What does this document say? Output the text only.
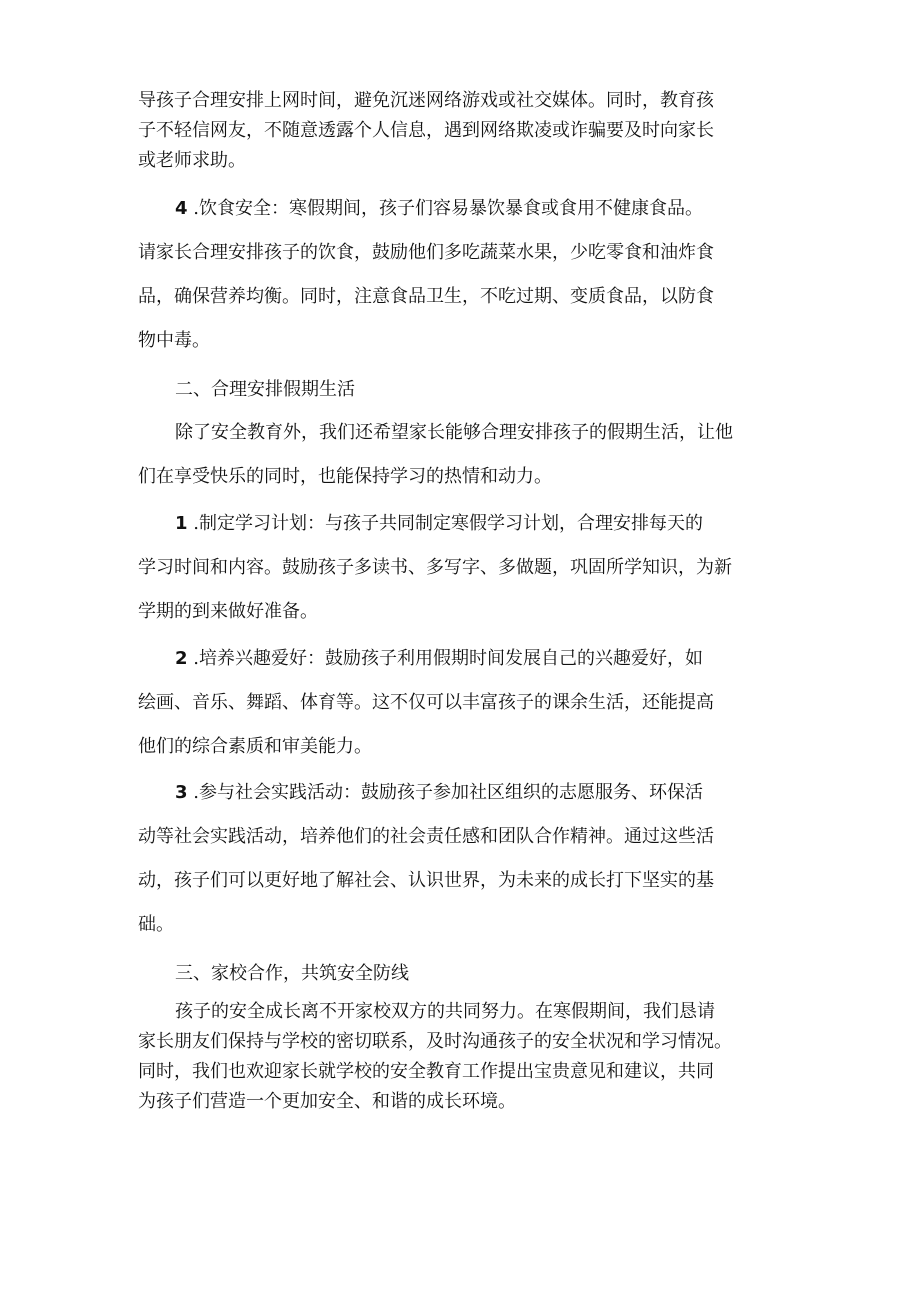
导孩子合理安排上网时间，避免沉迷网络游戏或社交媒体。同时，教育孩
子不轻信网友，不随意透露个人信息，遇到网络欺凌或诈骗要及时向家长
或老师求助。
4 .饮食安全：寒假期间，孩子们容易暴饮暴食或食用不健康食品。
请家长合理安排孩子的饮食，鼓励他们多吃蔬菜水果，少吃零食和油炸食
品，确保营养均衡。同时，注意食品卫生，不吃过期、变质食品，以防食
物中毒。
二、合理安排假期生活
除了安全教育外，我们还希望家长能够合理安排孩子的假期生活，让他
们在享受快乐的同时，也能保持学习的热情和动力。
1 .制定学习计划：与孩子共同制定寒假学习计划，合理安排每天的
学习时间和内容。鼓励孩子多读书、多写字、多做题，巩固所学知识，为新
学期的到来做好准备。
2 .培养兴趣爱好：鼓励孩子利用假期时间发展自己的兴趣爱好，如
绘画、音乐、舞蹈、体育等。这不仅可以丰富孩子的课余生活，还能提高
他们的综合素质和审美能力。
3 .参与社会实践活动：鼓励孩子参加社区组织的志愿服务、环保活
动等社会实践活动，培养他们的社会责任感和团队合作精神。通过这些活
动，孩子们可以更好地了解社会、认识世界，为未来的成长打下坚实的基
础。
三、家校合作，共筑安全防线
孩子的安全成长离不开家校双方的共同努力。在寒假期间，我们恳请
家长朋友们保持与学校的密切联系，及时沟通孩子的安全状况和学习情况。
同时，我们也欢迎家长就学校的安全教育工作提出宝贵意见和建议，共同
为孩子们营造一个更加安全、和谐的成长环境。
